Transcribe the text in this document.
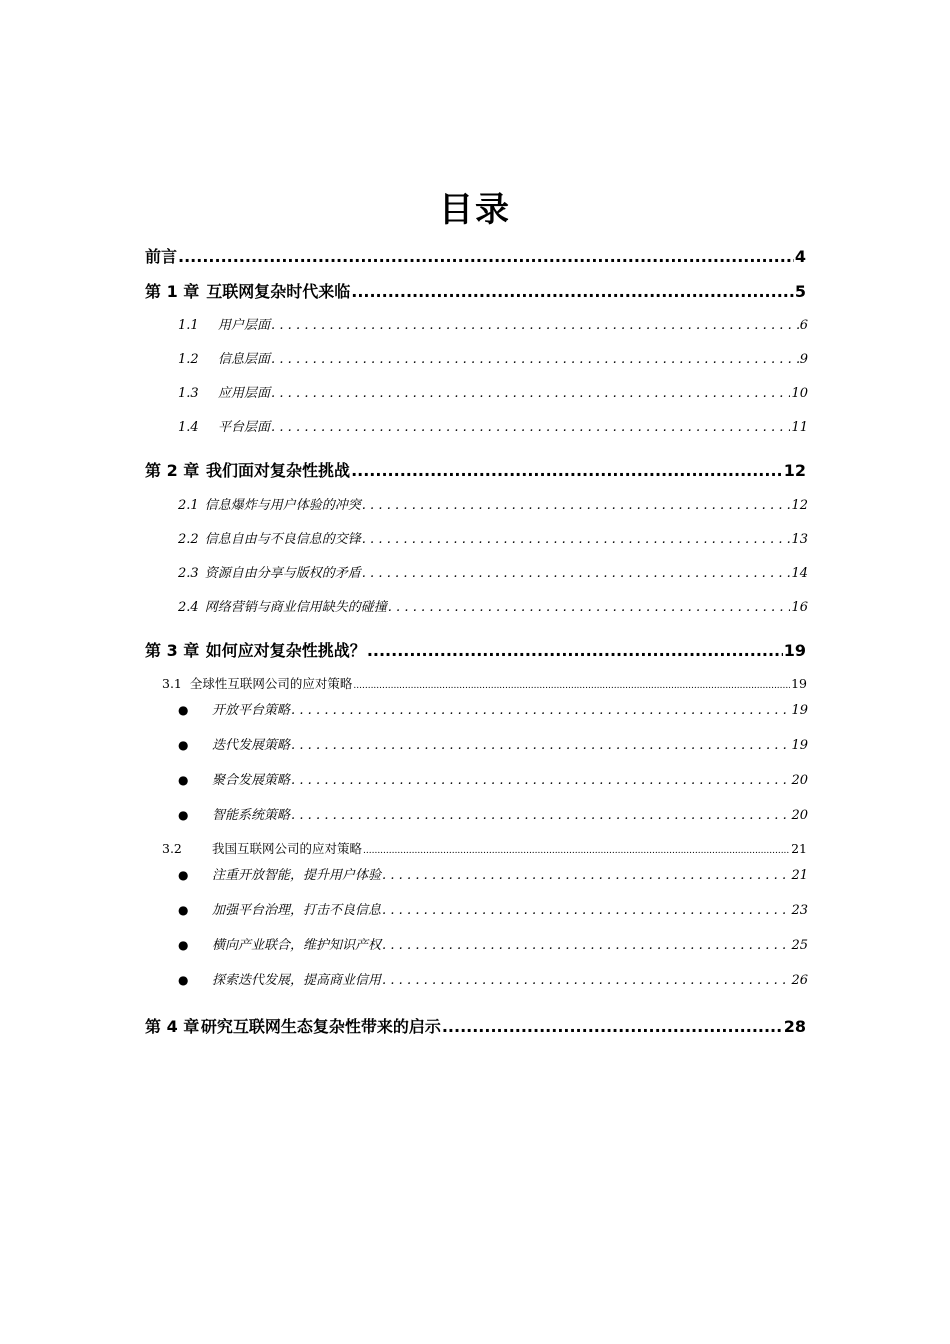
目录
前言 .....	4
第 1 章 互联网复杂时代来临 .....	5
1.1	用户层面 .....	6
1.2	信息层面 .....	9
1.3	应用层面 .....	10
1.4	平台层面 .....	11
第 2 章 我们面对复杂性挑战 .....	12
2.1 信息爆炸与用户体验的冲突 .....	12
2.2 信息自由与不良信息的交锋 .....	13
2.3 资源自由分享与版权的矛盾 .....	14
2.4 网络营销与商业信用缺失的碰撞 .....	16
第 3 章 如何应对复杂性挑战？ .....	19
3.1 全球性互联网公司的应对策略 .....	19
●	开放平台策略 .....	19
●	迭代发展策略 .....	19
●	聚合发展策略 .....	20
●	智能系统策略 .....	20
3.2	我国互联网公司的应对策略 .....	21
●	注重开放智能，提升用户体验 .....	21
●	加强平台治理，打击不良信息 .....	23
●	横向产业联合，维护知识产权 .....	25
●	探索迭代发展，提高商业信用 .....	26
第 4 章 研究互联网生态复杂性带来的启示 .....	28
